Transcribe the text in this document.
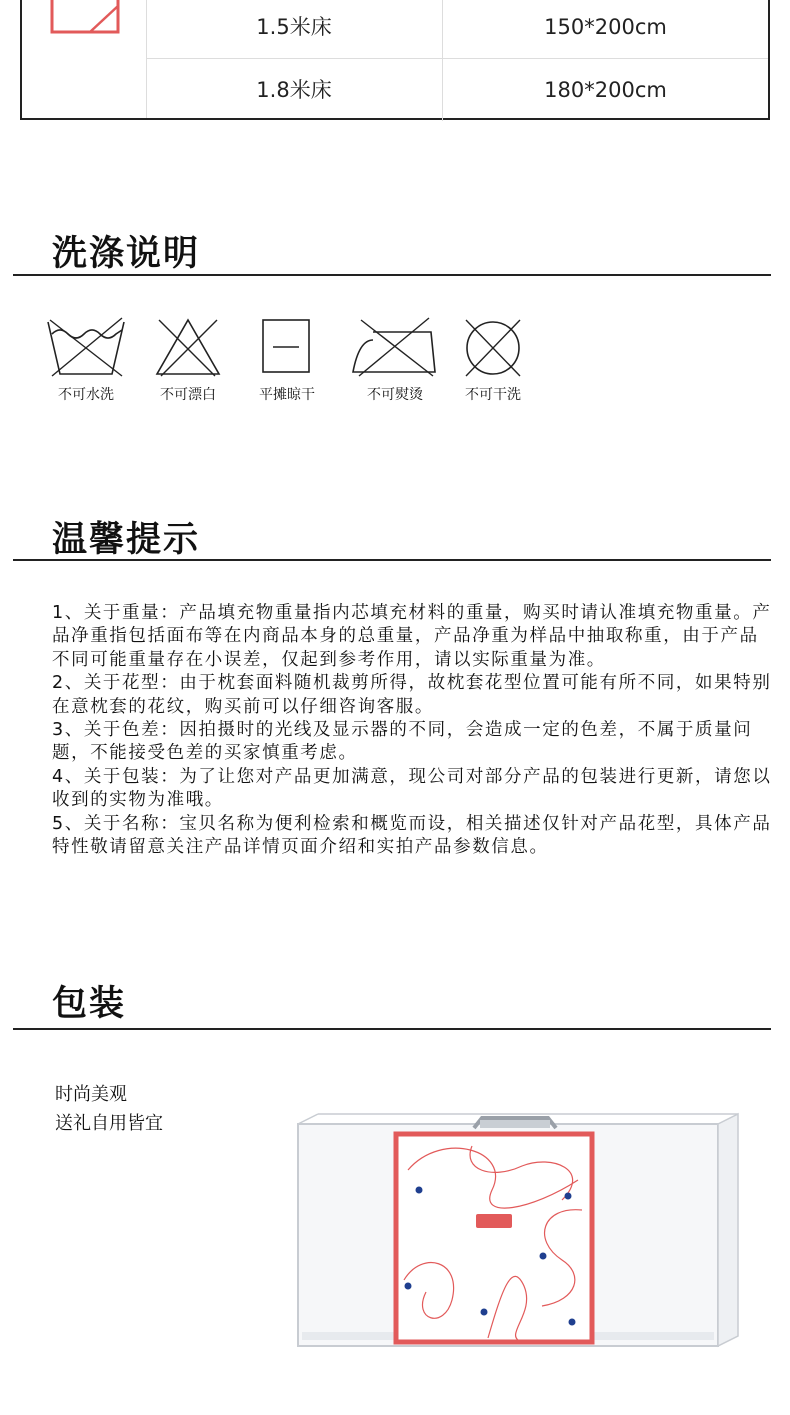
1.5米床	150*200cm
1.8米床	180*200cm
洗涤说明
不可水洗	不可漂白	平摊晾干	不可熨烫	不可干洗
温馨提示

1、关于重量：产品填充物重量指内芯填充材料的重量，购买时请认准填充物重量。产品净重指包括面布等在内商品本身的总重量，产品净重为样品中抽取称重，由于产品不同可能重量存在小误差，仅起到参考作用，请以实际重量为准。

2、关于花型：由于枕套面料随机裁剪所得，故枕套花型位置可能有所不同，如果特别在意枕套的花纹，购买前可以仔细咨询客服。

3、关于色差：因拍摄时的光线及显示器的不同，会造成一定的色差，不属于质量问题，不能接受色差的买家慎重考虑。

4、关于包装：为了让您对产品更加满意，现公司对部分产品的包装进行更新，请您以收到的实物为准哦。

5、关于名称：宝贝名称为便利检索和概览而设，相关描述仅针对产品花型，具体产品特性敬请留意关注产品详情页面介绍和实拍产品参数信息。

包装
时尚美观
送礼自用皆宜
